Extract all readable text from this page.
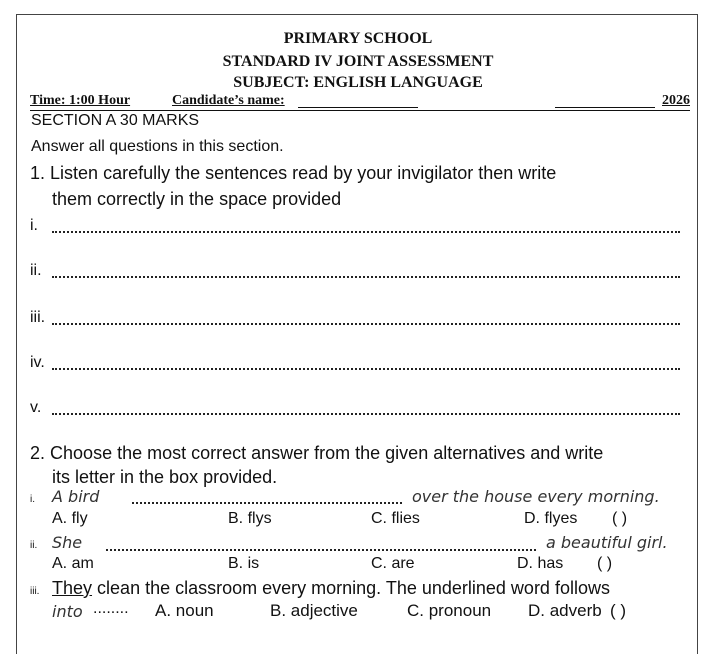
PRIMARY SCHOOL
STANDARD IV JOINT ASSESSMENT
SUBJECT: ENGLISH LANGUAGE
Time: 1:00 Hour	Candidate’s name:	2026
SECTION A 30 MARKS
Answer all questions in this section.
1. Listen carefully the sentences read by your invigilator then write
them correctly in the space provided
i.
ii.
iii.
iv.
v.
2. Choose the most correct answer from the given alternatives and write
its letter in the box provided.
i. A bird	over the house every morning.
A. fly	B. flys	C. flies	D. flyes ( )
ii. She	a beautiful girl.
A. am	B. is	C. are	D. has ( )
iii. They clean the classroom every morning. The underlined word follows
into ........ A. noun	B. adjective	C. pronoun D. adverb ( )
